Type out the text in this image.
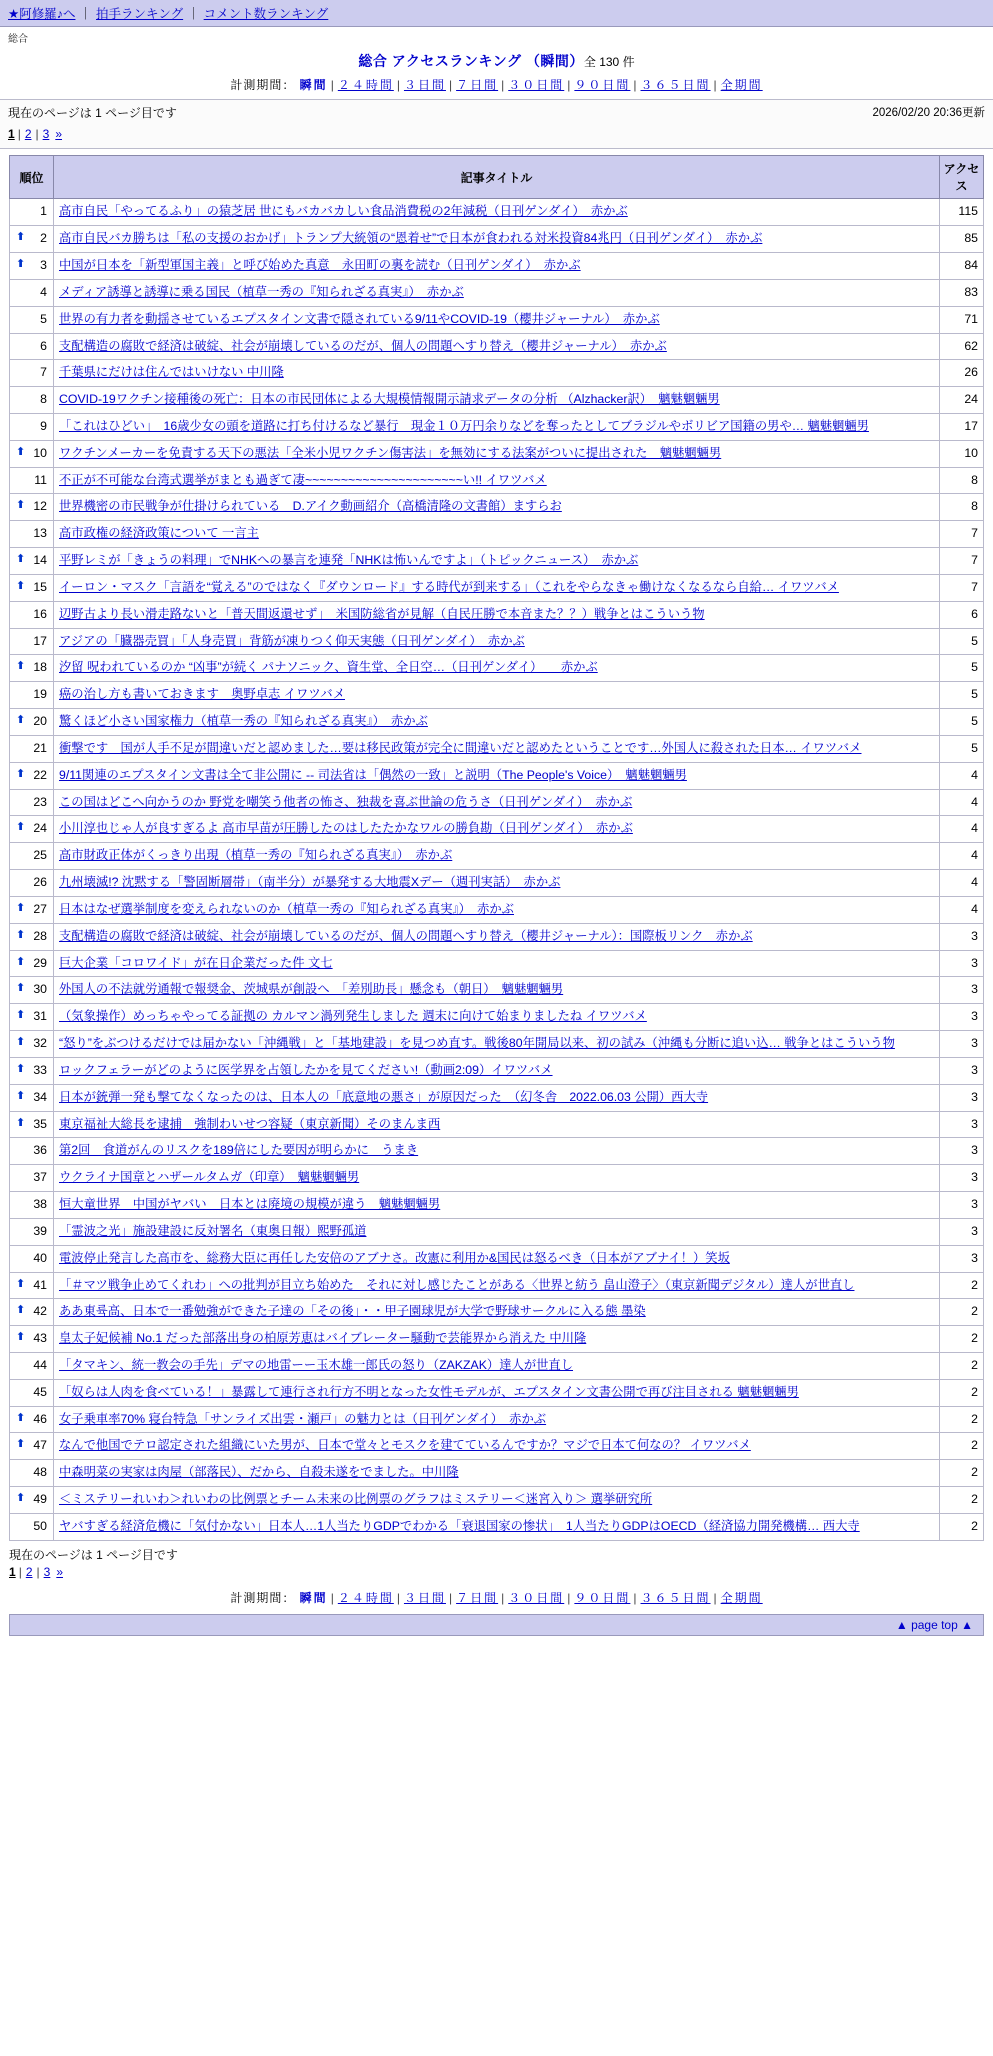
★阿修羅♪へ ｜ 拍手ランキング ｜ コメント数ランキング
総合
総合 アクセスランキング （瞬間）全 130 件
計測期間： 瞬間 | ２４時間 | ３日間 | ７日間 | ３０日間 | ９０日間 | ３６５日間 | 全期間
現在のページは 1 ページ目です
1 | 2 | 3 »
2026/02/20 20:36更新
順位	記事タイトル	アクセス
1	高市自民「やってるふり」の猿芝居 世にもバカバカしい食品消費税の2年減税（日刊ゲンダイ）　赤かぶ	115

⬆ 2	高市自民バカ勝ちは「私の支援のおかげ」トランプ大統領の“恩着せ”で日本が食われる対米投資84兆円（日刊ゲンダイ）　赤かぶ	85

⬆ 3	中国が日本を「新型軍国主義」と呼び始めた真意　永田町の裏を読む（日刊ゲンダイ）　赤かぶ	84
4	メディア誘導と誘導に乗る国民（植草一秀の『知られざる真実』）　赤かぶ	83
5	世界の有力者を動揺させているエプスタイン文書で隠されている9/11やCOVID-19（櫻井ジャーナル）　赤かぶ	71
6	支配構造の腐敗で経済は破綻、社会が崩壊しているのだが、個人の問題へすり替え（櫻井ジャーナル）　赤かぶ	62
7	千葉県にだけは住んではいけない 中川隆	26
8	COVID-19ワクチン接種後の死亡：日本の市民団体による大規模情報開示請求データの分析 （Alzhacker訳）　魑魅魍魎男	24
9	「これはひどい」　16歳少女の頭を道路に打ち付けるなど暴行　現金１０万円余りなどを奪ったとしてブラジルやボリビア国籍の男や… 魑魅魍魎男	17

⬆ 10	ワクチンメーカーを免責する天下の悪法「全米小児ワクチン傷害法」を無効にする法案がついに提出された　魑魅魍魎男	10
11	不正が不可能な台湾式選挙がまとも過ぎて凄~~~~~~~~~~~~~~~~~~~~~~い!! イワツバメ	8

⬆ 12	世界機密の市民戦争が仕掛けられている　D.アイク動画紹介（高橋清隆の文書館）ますらお	8
13	高市政権の経済政策について 一言主	7

⬆ 14	平野レミが「きょうの料理」でNHKへの暴言を連発「NHKは怖いんですよ」（トピックニュース）　赤かぶ	7

⬆ 15	イーロン・マスク「言語を“覚える”のではなく『ダウンロード』する時代が到来する」（これをやらなきゃ働けなくなるなら自給… イワツバメ	7
16	辺野古より長い滑走路ないと「普天間返還せず」　米国防総省が見解（自民圧勝で本音また？？）戦争とはこういう物	6
17	アジアの「臓器売買」「人身売買」背筋が凍りつく仰天実態（日刊ゲンダイ）　赤かぶ	5

⬆ 18	汐留 呪われているのか “凶事”が続く パナソニック、資生堂、全日空…（日刊ゲンダイ）　　赤かぶ	5
19	癌の治し方も書いておきます　奥野卓志 イワツバメ	5

⬆ 20	驚くほど小さい国家権力（植草一秀の『知られざる真実』）　赤かぶ	5
21	衝撃です　国が人手不足が間違いだと認めました…要は移民政策が完全に間違いだと認めたということです…外国人に殺された日本… イワツバメ	5

⬆ 22	9/11関連のエプスタイン文書は全て非公開に -- 司法省は「偶然の一致」と説明（The People's Voice）　魑魅魍魎男	4
23	この国はどこへ向かうのか 野党を嘲笑う他者の怖さ、独裁を喜ぶ世論の危うさ（日刊ゲンダイ）　赤かぶ	4

⬆ 24	小川淳也じゃ人が良すぎるよ 高市早苗が圧勝したのはしたたかなワルの勝負勘（日刊ゲンダイ）　赤かぶ	4
25	高市財政正体がくっきり出現（植草一秀の『知られざる真実』）　赤かぶ	4
26	九州壊滅!? 沈黙する「警固断層帯」（南半分）が暴発する大地震Xデー（週刊実話）　赤かぶ	4

⬆ 27	日本はなぜ選挙制度を変えられないのか（植草一秀の『知られざる真実』）　赤かぶ	4

⬆ 28	支配構造の腐敗で経済は破綻、社会が崩壊しているのだが、個人の問題へすり替え（櫻井ジャーナル）：国際板リンク　赤かぶ	3

⬆ 29	巨大企業「コロワイド」が在日企業だった件 文七	3

⬆ 30	外国人の不法就労通報で報奨金、茨城県が創設へ　「差別助長」懸念も（朝日）　魑魅魍魎男	3

⬆ 31	（気象操作）めっちゃやってる証拠の カルマン渦列発生しました 週末に向けて始まりましたね イワツバメ	3

⬆ 32	“怒り”をぶつけるだけでは届かない「沖縄戦」と「基地建設」を見つめ直す。戦後80年開局以来、初の試み（沖縄も分断に追い込… 戦争とはこういう物	3

⬆ 33	ロックフェラーがどのように医学界を占領したかを見てください!（動画2:09）イワツバメ	3

⬆ 34	日本が銃弾一発も撃てなくなったのは、日本人の「底意地の悪さ」が原因だった　（幻冬舎　2022.06.03 公開）西大寺	3

⬆ 35	東京福祉大総長を逮捕　強制わいせつ容疑（東京新聞）そのまんま西	3
36	第2回　食道がんのリスクを189倍にした要因が明らかに　うまき	3
37	ウクライナ国章とハザールタムガ（印章）　魑魅魍魎男	3
38	恒大童世界　中国がヤバい　日本とは廃境の規模が違う　魑魅魍魎男	3
39	「霊波之光」施設建設に反対署名（東奥日報）熙野孤道	3
40	電波停止発言した高市を、総務大臣に再任した安倍のアブナさ。改憲に利用か&国民は怒るべき（日本がアブナイ！）笑坂	3

⬆ 41	「＃マツ戦争止めてくれわ」への批判が目立ち始めた　それに対し感じたことがある〈世界と紡う 畠山澄子〉（東京新聞デジタル）達人が世直し	2

⬆ 42	ああ東륙高、日本で一番勉強ができた子達の「その後」・・甲子園球児が大学で野球サークルに入る態 墨染	2

⬆ 43	皇太子妃候補 No.1 だった部落出身の柏原芳恵はバイブレーター騒動で芸能界から消えた 中川隆	2
44	「タマキン、統一教会の手先」デマの地雷ーー玉木雄一郎氏の怒り（ZAKZAK）達人が世直し	2
45	「奴らは人肉を食べている！」暴露して連行され行方不明となった女性モデルが、エプスタイン文書公開で再び注目される 魑魅魍魎男	2

⬆ 46	女子乗車率70% 寝台特急「サンライズ出雲・瀬戸」の魅力とは（日刊ゲンダイ）　赤かぶ	2

⬆ 47	なんで他国でテロ認定された組織にいた男が、日本で堂々とモスクを建てているんですか？マジで日本て何なの？ イワツバメ	2
48	中森明菜の実家は肉屋（部落民）、だから、自殺未遂をでました。中川隆	2

⬆ 49	＜ミステリーれいわ＞れいわの比例票とチーム未来の比例票のグラフはミステリー＜迷宮入り＞ 選挙研究所	2
50	ヤバすぎる経済危機に「気付かない」日本人…1人当たりGDPでわかる「衰退国家の惨状」　1人当たりGDPはOECD（経済協力開発機構… 西大寺	2
現在のページは 1 ページ目です
1 | 2 | 3 »
計測期間： 瞬間 | ２４時間 | ３日間 | ７日間 | ３０日間 | ９０日間 | ３６５日間 | 全期間
▲ page top ▲
